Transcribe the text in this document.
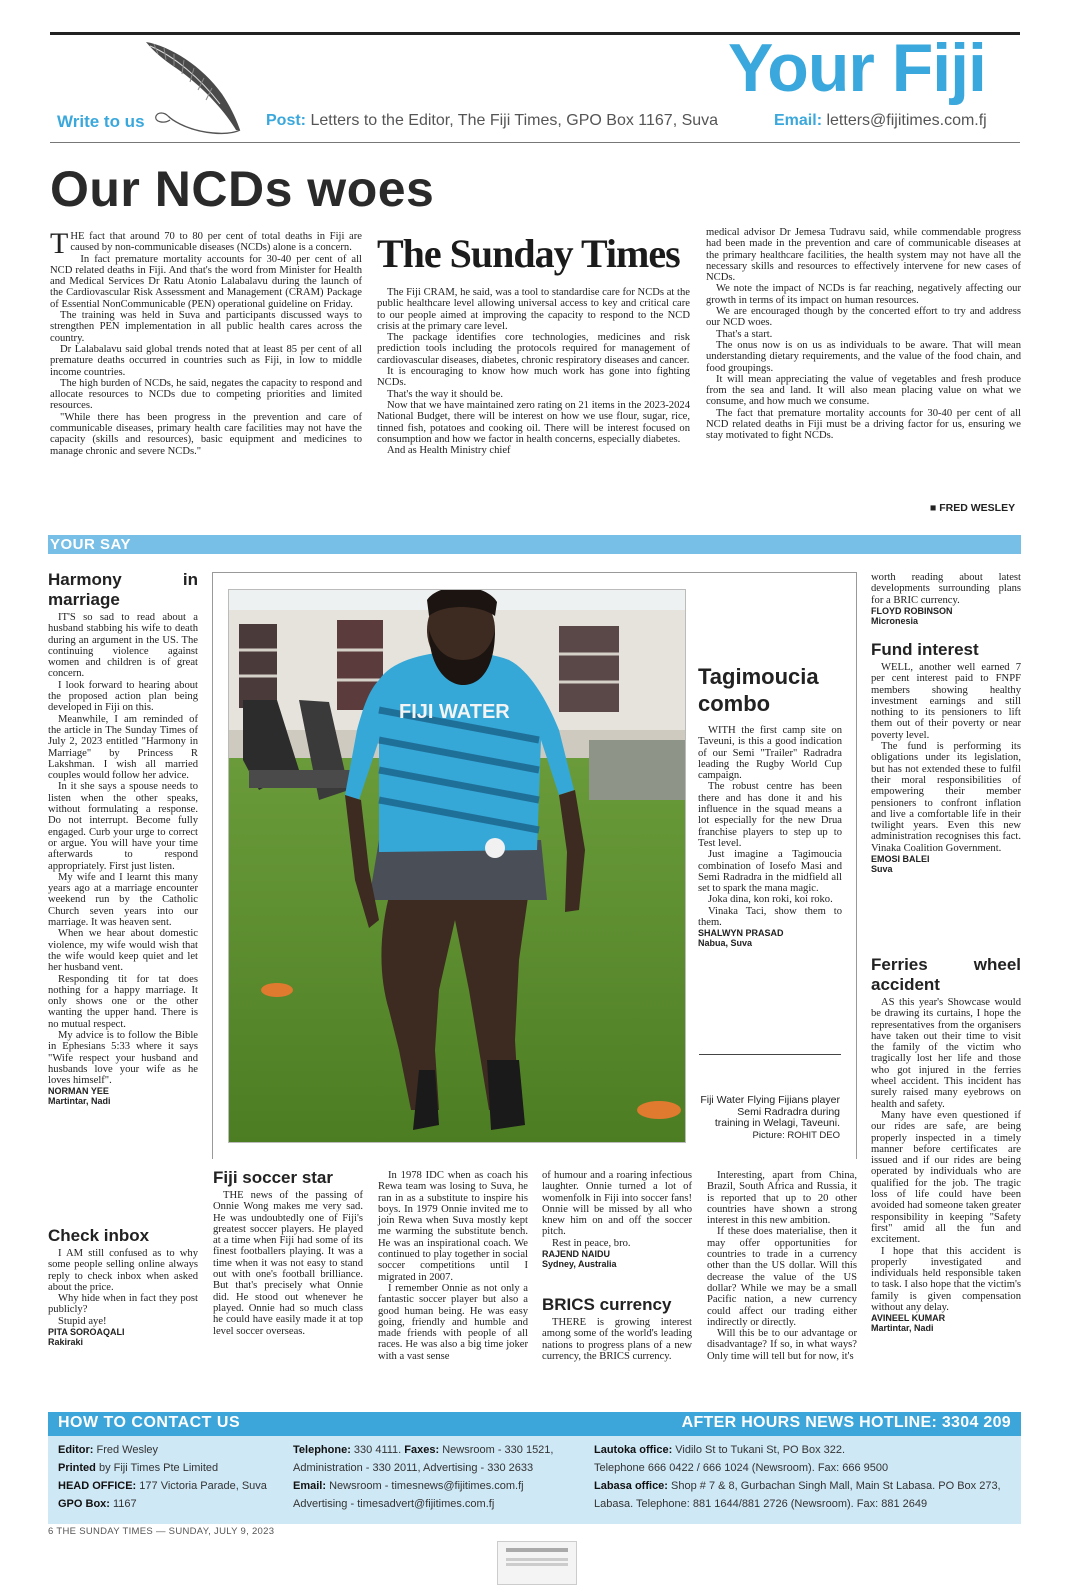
Your Fiji
Write to us	Post: Letters to the Editor, The Fiji Times, GPO Box 1167, Suva	Email: letters@fijitimes.com.fj
Our NCDs woes

THE fact that around 70 to 80 per cent of total deaths in Fiji are caused by non-communicable diseases (NCDs) alone is a concern.

In fact premature mortality accounts for 30-40 per cent of all NCD related deaths in Fiji. And that's the word from Minister for Health and Medical Services Dr Ratu Atonio Lalabalavu during the launch of the Cardiovascular Risk Assessment and Management (CRAM) Package of Essential NonCommunicable (PEN) operational guideline on Friday.

The training was held in Suva and participants discussed ways to strengthen PEN implementation in all public health cares across the country.

Dr Lalabalavu said global trends noted that at least 85 per cent of all premature deaths occurred in countries such as Fiji, in low to middle income countries.

The high burden of NCDs, he said, negates the capacity to respond and allocate resources to NCDs due to competing priorities and limited resources.

"While there has been progress in the prevention and care of communicable diseases, primary health care facilities may not have the capacity (skills and resources), basic equipment and medicines to manage chronic and severe NCDs."

The Sunday Times

The Fiji CRAM, he said, was a tool to standardise care for NCDs at the public healthcare level allowing universal access to key and critical care to our people aimed at improving the capacity to respond to the NCD crisis at the primary care level.

The package identifies core technologies, medicines and risk prediction tools including the protocols required for management of cardiovascular diseases, diabetes, chronic respiratory diseases and cancer.

It is encouraging to know how much work has gone into fighting NCDs.

That's the way it should be.

Now that we have maintained zero rating on 21 items in the 2023-2024 National Budget, there will be interest on how we use flour, sugar, rice, tinned fish, potatoes and cooking oil. There will be interest focused on consumption and how we factor in health concerns, especially diabetes.

And as Health Ministry chief

medical advisor Dr Jemesa Tudravu said, while commendable progress had been made in the prevention and care of communicable diseases at the primary healthcare facilities, the health system may not have all the necessary skills and resources to effectively intervene for new cases of NCDs.

We note the impact of NCDs is far reaching, negatively affecting our growth in terms of its impact on human resources.

We are encouraged though by the concerted effort to try and address our NCD woes.

That's a start.

The onus now is on us as individuals to be aware. That will mean understanding dietary requirements, and the value of the food chain, and food groupings.

It will mean appreciating the value of vegetables and fresh produce from the sea and land. It will also mean placing value on what we consume, and how much we consume.

The fact that premature mortality accounts for 30-40 per cent of all NCD related deaths in Fiji must be a driving factor for us, ensuring we stay motivated to fight NCDs.

■ FRED WESLEY
YOUR SAY
Harmony in marriage

IT'S so sad to read about a husband stabbing his wife to death during an argument in the US. The continuing violence against women and children is of great concern.

I look forward to hearing about the proposed action plan being developed in Fiji on this.

Meanwhile, I am reminded of the article in The Sunday Times of July 2, 2023 entitled "Harmony in Marriage" by Princess R Lakshman. I wish all married couples would follow her advice.

In it she says a spouse needs to listen when the other speaks, without formulating a response. Do not interrupt. Become fully engaged. Curb your urge to correct or argue. You will have your time afterwards to respond appropriately. First just listen.

My wife and I learnt this many years ago at a marriage encounter weekend run by the Catholic Church seven years into our marriage. It was heaven sent.

When we hear about domestic violence, my wife would wish that the wife would keep quiet and let her husband vent.

Responding tit for tat does nothing for a happy marriage. It only shows one or the other wanting the upper hand. There is no mutual respect.

My advice is to follow the Bible in Ephesians 5:33 where it says "Wife respect your husband and husbands love your wife as he loves himself".

NORMAN YEE

Martintar, Nadi

Check inbox

I AM still confused as to why some people selling online always reply to check inbox when asked about the price.

Why hide when in fact they post publicly?

Stupid aye!

PITA SOROAQALI

Rakiraki

FIJI WATER
Tagimoucia combo

WITH the first camp site on Taveuni, is this a good indication of our Semi "Trailer" Radradra leading the Rugby World Cup campaign.

The robust centre has been there and has done it and his influence in the squad means a lot especially for the new Drua franchise players to step up to Test level.

Just imagine a Tagimoucia combination of Iosefo Masi and Semi Radradra in the midfield all set to spark the mana magic.

Joka dina, kon roki, koi roko.

Vinaka Taci, show them to them.

SHALWYN PRASAD

Nabua, Suva

Fiji Water Flying Fijians player Semi Radradra during training in Welagi, Taveuni. Picture: ROHIT DEO

worth reading about latest developments surrounding plans for a BRIC currency.

FLOYD ROBINSON

Micronesia

Fund interest

WELL, another well earned 7 per cent interest paid to FNPF members showing healthy investment earnings and still nothing to its pensioners to lift them out of their poverty or near poverty level.

The fund is performing its obligations under its legislation, but has not extended these to fulfil their moral responsibilities of empowering their member pensioners to confront inflation and live a comfortable life in their twilight years. Even this new administration recognises this fact. Vinaka Coalition Government.

EMOSI BALEI

Suva

Ferries wheel accident

AS this year's Showcase would be drawing its curtains, I hope the representatives from the organisers have taken out their time to visit the family of the victim who tragically lost her life and those who got injured in the ferries wheel accident. This incident has surely raised many eyebrows on health and safety.

Many have even questioned if our rides are safe, are being properly inspected in a timely manner before certificates are issued and if our rides are being operated by individuals who are qualified for the job. The tragic loss of life could have been avoided had someone taken greater responsibility in keeping "Safety first" amid all the fun and excitement.

I hope that this accident is properly investigated and individuals held responsible taken to task. I also hope that the victim's family is given compensation without any delay.

AVINEEL KUMAR

Martintar, Nadi

Fiji soccer star

THE news of the passing of Onnie Wong makes me very sad. He was undoubtedly one of Fiji's greatest soccer players. He played at a time when Fiji had some of its finest footballers playing. It was a time when it was not easy to stand out with one's football brilliance. But that's precisely what Onnie did. He stood out whenever he played. Onnie had so much class he could have easily made it at top level soccer overseas.

In 1978 IDC when as coach his Rewa team was losing to Suva, he ran in as a substitute to inspire his boys. In 1979 Onnie invited me to join Rewa when Suva mostly kept me warming the substitute bench. He was an inspirational coach. We continued to play together in social soccer competitions until I migrated in 2007.

I remember Onnie as not only a fantastic soccer player but also a good human being. He was easy going, friendly and humble and made friends with people of all races. He was also a big time joker with a vast sense

of humour and a roaring infectious laughter. Onnie turned a lot of womenfolk in Fiji into soccer fans! Onnie will be missed by all who knew him on and off the soccer pitch.

Rest in peace, bro.

RAJEND NAIDU

Sydney, Australia

BRICS currency

THERE is growing interest among some of the world's leading nations to progress plans of a new currency, the BRICS currency.

Interesting, apart from China, Brazil, South Africa and Russia, it is reported that up to 20 other countries have shown a strong interest in this new ambition.

If these does materialise, then it may offer opportunities for countries to trade in a currency other than the US dollar. Will this decrease the value of the US dollar? While we may be a small Pacific nation, a new currency could affect our trading either indirectly or directly.

Will this be to our advantage or disadvantage? If so, in what ways? Only time will tell but for now, it's

HOW TO CONTACT US	AFTER HOURS NEWS HOTLINE: 3304 209
Editor: Fred Wesley
Printed by Fiji Times Pte Limited
HEAD OFFICE: 177 Victoria Parade, Suva
GPO Box: 1167
Telephone: 330 4111. Faxes: Newsroom - 330 1521,
Administration - 330 2011, Advertising - 330 2633
Email: Newsroom - timesnews@fijitimes.com.fj
Advertising - timesadvert@fijitimes.com.fj
Lautoka office: Vidilo St to Tukani St, PO Box 322.
Telephone 666 0422 / 666 1024 (Newsroom). Fax: 666 9500
Labasa office: Shop # 7 & 8, Gurbachan Singh Mall, Main St Labasa. PO Box 273,
Labasa. Telephone: 881 1644/881 2726 (Newsroom). Fax: 881 2649
6 THE SUNDAY TIMES — SUNDAY, JULY 9, 2023
